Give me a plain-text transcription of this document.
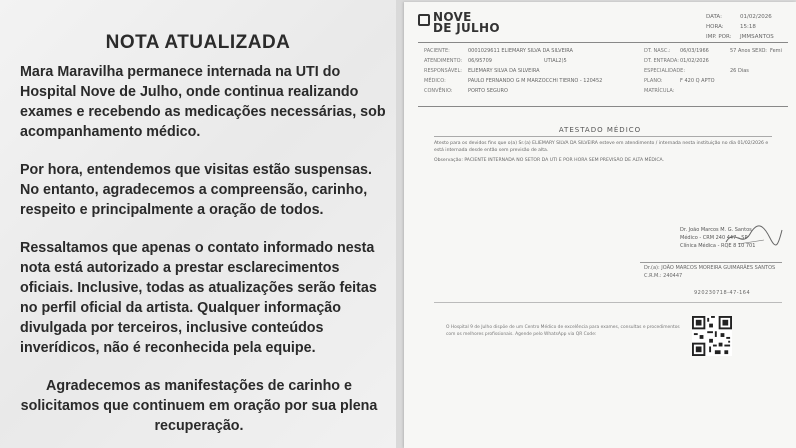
NOTA ATUALIZADA

Mara Maravilha permanece internada na UTI do Hospital Nove de Julho, onde continua realizando exames e recebendo as medicações necessárias, sob acompanhamento médico.

Por hora, entendemos que visitas estão suspensas. No entanto, agradecemos a compreensão, carinho, respeito e principalmente a oração de todos.

Ressaltamos que apenas o contato informado nesta nota está autorizado a prestar esclarecimentos oficiais. Inclusive, todas as atualizações serão feitas no perfil oficial da artista. Qualquer informação divulgada por terceiros, inclusive conteúdos inverídicos, não é reconhecida pela equipe.

Agradecemos as manifestações de carinho e solicitamos que continuem em oração por sua plena recuperação.

NOVE
DE JULHO
DATA:	01/02/2026
HORA:	15:18
IMP. POR:	JMMSANTOS
PACIENTE:	0001029611 ELIEMARY SILVA DA SILVEIRA	DT. NASC.:	06/03/1966	57 Anos SEXO: Femi
ATENDIMENTO:	06/95709	UTIAL2)5	DT. ENTRADA: 01/02/2026
RESPONSÁVEL:	ELIEMARY SILVA DA SILVEIRA	ESPECIALIDADE:	26 Dias
MÉDICO:	PAULO FERNANDO G M MARZOCCHI TIERNO - 120452	PLANO:	F 420 Q APTO
CONVÊNIO:	PORTO SEGURO	MATRÍCULA:
ATESTADO MÉDICO
Atesto para os devidos fins que o(a) Sr.(a) ELIEMARY SILVA DA SILVEIRA esteve em atendimento / internada nesta instituição no dia 01/02/2026 e está internada desde então sem previsão de alta.
Observação: PACIENTE INTERNADA NO SETOR DA UTI E POR HORA SEM PREVISÃO DE ALTA MÉDICA.
Dr. João Marcos M. G. Santos
Médico - CRM 240 447 - SP
Clínica Médica - RQE 8 10 701
Dr.(a): JOÃO MARCOS MOREIRA GUIMARÃES SANTOS
C.R.M.: 240447
920230718-47-164
O Hospital 9 de Julho dispõe de um Centro Médico de excelência para exames, consultas e procedimentos com os melhores profissionais. Agende pelo WhatsApp via QR Code:
